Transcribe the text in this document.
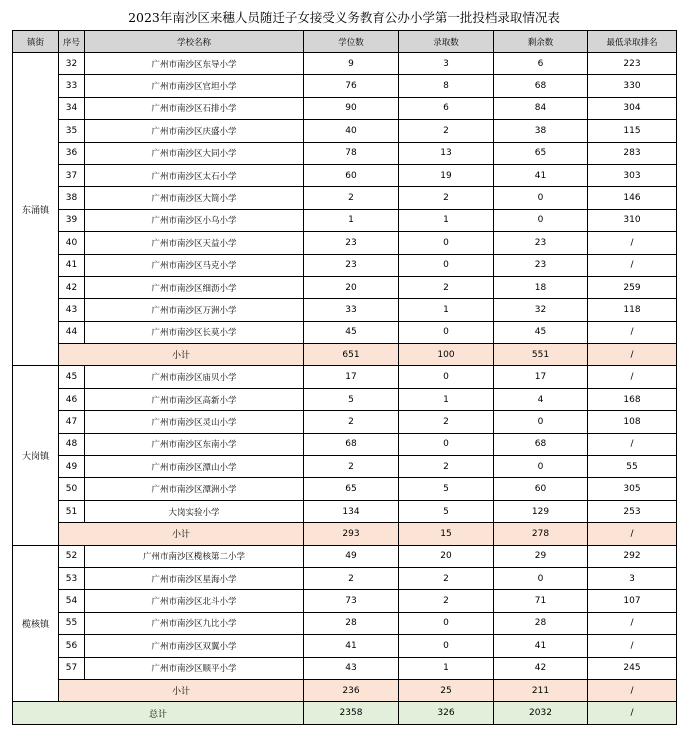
2023年南沙区来穗人员随迁子女接受义务教育公办小学第一批投档录取情况表
镇街	序号	学校名称	学位数	录取数	剩余数	最低录取排名
东涌镇	32	广州市南沙区东导小学	9	3	6	223
	33	广州市南沙区官坦小学	76	8	68	330
	34	广州市南沙区石排小学	90	6	84	304
	35	广州市南沙区庆盛小学	40	2	38	115
	36	广州市南沙区大同小学	78	13	65	283
	37	广州市南沙区太石小学	60	19	41	303
	38	广州市南沙区大简小学	2	2	0	146
	39	广州市南沙区小乌小学	1	1	0	310
	40	广州市南沙区天益小学	23	0	23	/
	41	广州市南沙区马克小学	23	0	23	/
	42	广州市南沙区细沥小学	20	2	18	259
	43	广州市南沙区万洲小学	33	1	32	118
	44	广州市南沙区长莫小学	45	0	45	/
	小计		651	100	551	/
大岗镇	45	广州市南沙区庙贝小学	17	0	17	/
	46	广州市南沙区高新小学	5	1	4	168
	47	广州市南沙区灵山小学	2	2	0	108
	48	广州市南沙区东南小学	68	0	68	/
	49	广州市南沙区潭山小学	2	2	0	55
	50	广州市南沙区潭洲小学	65	5	60	305
	51	大岗实验小学	134	5	129	253
	小计		293	15	278	/
榄核镇	52	广州市南沙区榄核第二小学	49	20	29	292
	53	广州市南沙区星海小学	2	2	0	3
	54	广州市南沙区北斗小学	73	2	71	107
	55	广州市南沙区九比小学	28	0	28	/
	56	广州市南沙区双翼小学	41	0	41	/
	57	广州市南沙区顺平小学	43	1	42	245
	小计		236	25	211	/
总计			2358	326	2032	/
